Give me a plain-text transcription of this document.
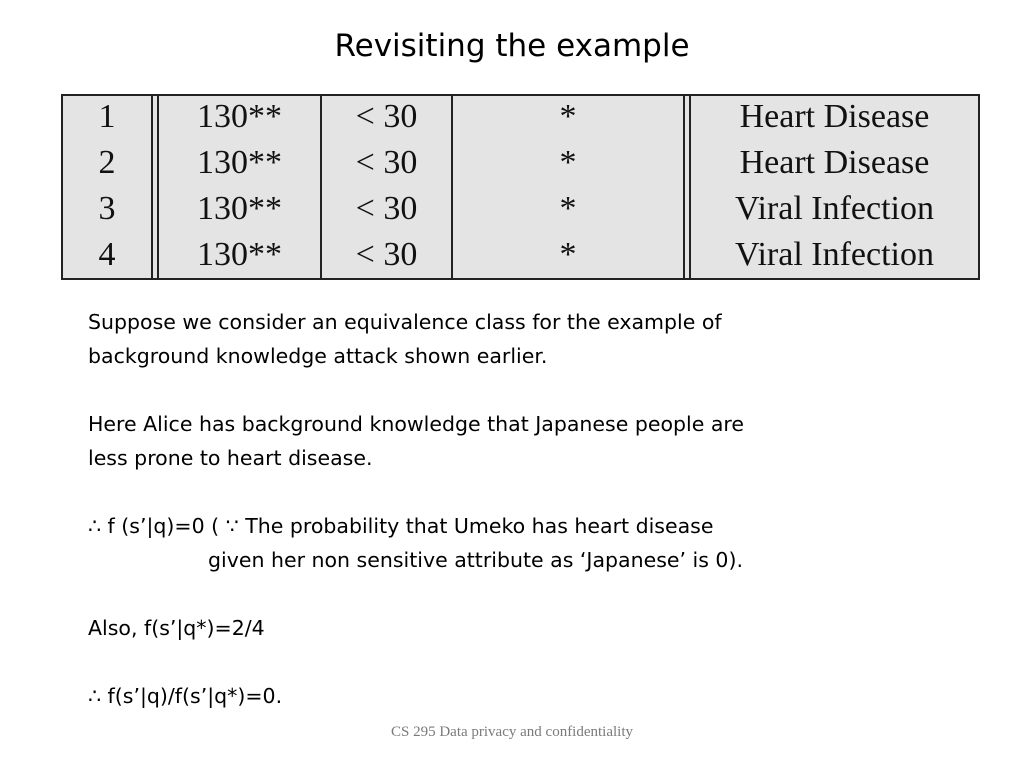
Revisiting the example
1	130**	< 30	*	Heart Disease
2	130**	< 30	*	Heart Disease
3	130**	< 30	*	Viral Infection
4	130**	< 30	*	Viral Infection

Suppose we consider an equivalence class for the example of

background knowledge attack shown earlier.

Here Alice has background knowledge that Japanese people are

less prone to heart disease.

∴ f (s’|q)=0 ( ∵ The probability that Umeko has heart disease

given her non sensitive attribute as ‘Japanese’ is 0).

Also, f(s’|q*)=2/4

∴ f(s’|q)/f(s’|q*)=0.

CS 295 Data privacy and confidentiality
